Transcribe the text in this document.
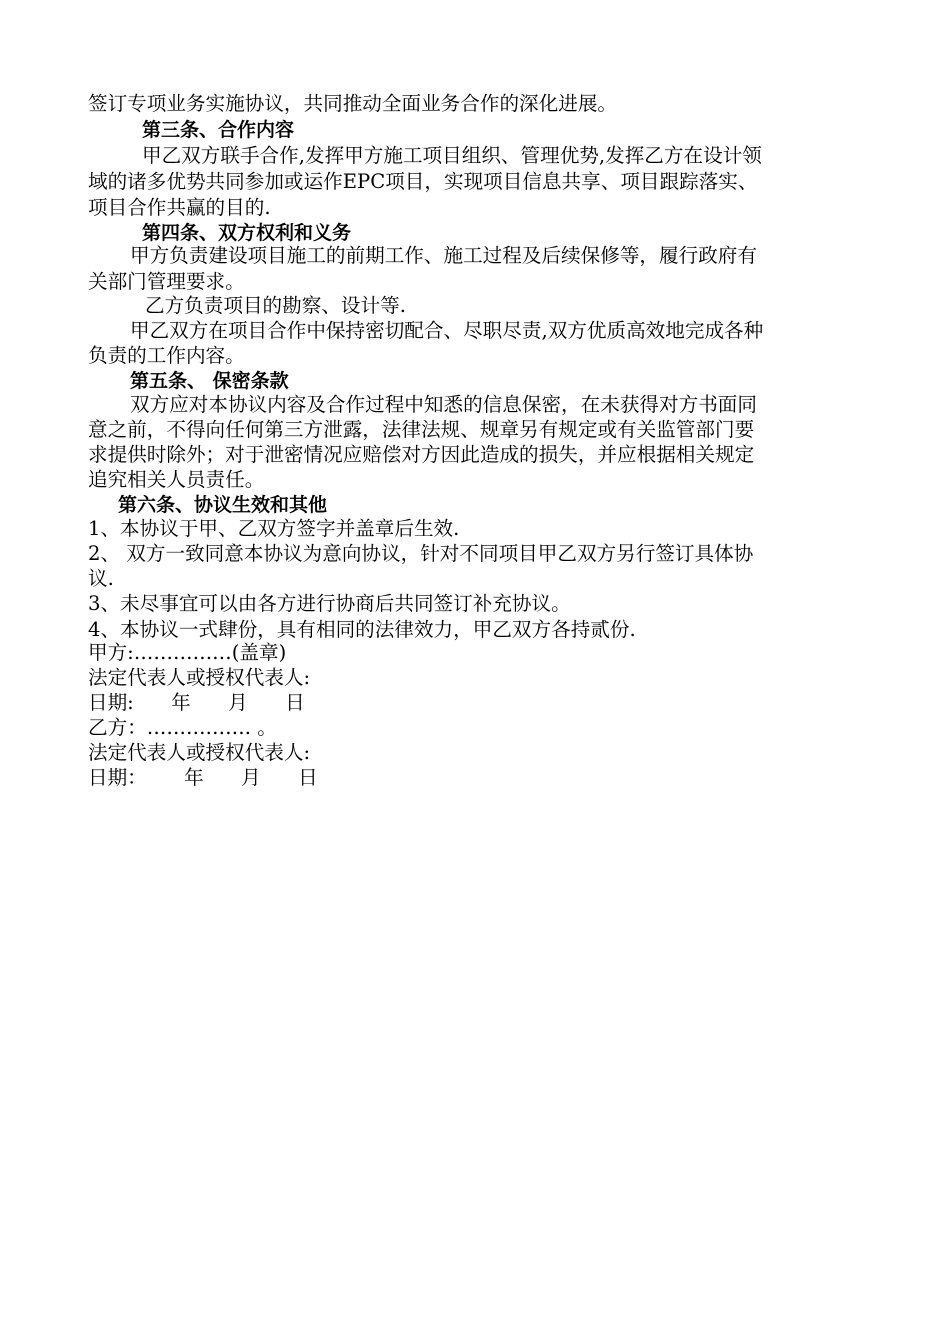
签订专项业务实施协议，共同推动全面业务合作的深化进展。
第三条、合作内容
甲乙双方联手合作,发挥甲方施工项目组织、管理优势,发挥乙方在设计领
域的诸多优势共同参加或运作EPC项目，实现项目信息共享、项目跟踪落实、
项目合作共赢的目的.
第四条、双方权利和义务
甲方负责建设项目施工的前期工作、施工过程及后续保修等，履行政府有
关部门管理要求。
乙方负责项目的勘察、设计等.
甲乙双方在项目合作中保持密切配合、尽职尽责,双方优质高效地完成各种
负责的工作内容。
第五条、 保密条款
双方应对本协议内容及合作过程中知悉的信息保密，在未获得对方书面同
意之前，不得向任何第三方泄露，法律法规、规章另有规定或有关监管部门要
求提供时除外；对于泄密情况应赔偿对方因此造成的损失，并应根据相关规定
追究相关人员责任。
第六条、协议生效和其他
1、本协议于甲、乙双方签字并盖章后生效.
2、 双方一致同意本协议为意向协议，针对不同项目甲乙双方另行签订具体协
议.
3、未尽事宜可以由各方进行协商后共同签订补充协议。
4、本协议一式肆份，具有相同的法律效力，甲乙双方各持贰份.
甲方:……………(盖章)
法定代表人或授权代表人:
日期:      年      月      日
乙方：……………. 。
法定代表人或授权代表人:
日期：      年      月      日
